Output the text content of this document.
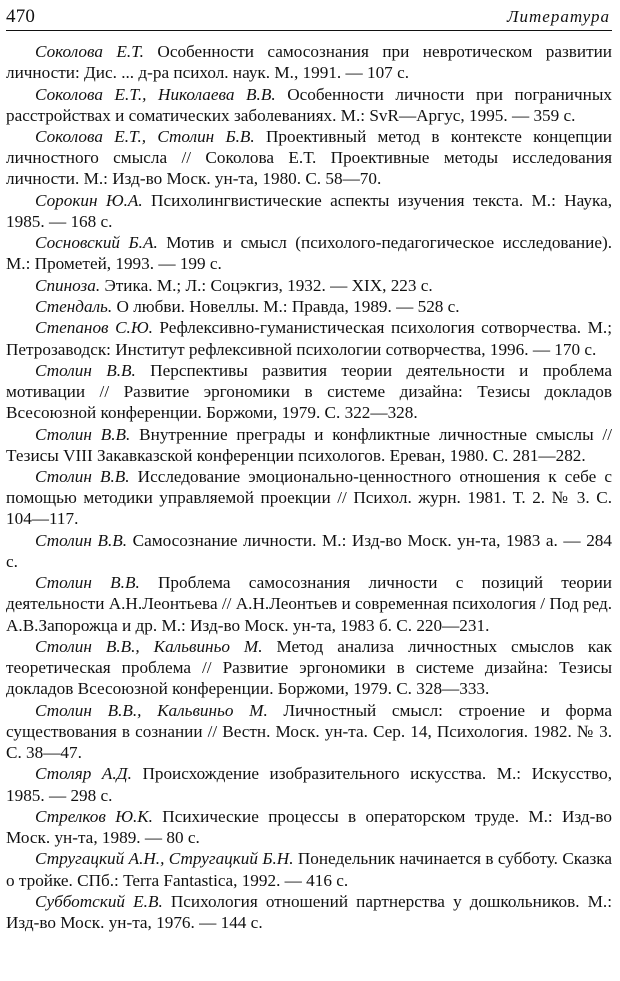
470	Литература

Соколова Е.Т. Особенности самосознания при невротическом развитии личности: Дис. ... д-ра психол. наук. М., 1991. — 107 с.

Соколова Е.Т., Николаева В.В. Особенности личности при пограничных расстройствах и соматических заболеваниях. М.: SvR—Аргус, 1995. — 359 с.

Соколова Е.Т., Столин Б.В. Проективный метод в контексте концепции личностного смысла // Соколова Е.Т. Проективные методы исследования личности. М.: Изд-во Моск. ун-та, 1980. С. 58—70.

Сорокин Ю.А. Психолингвистические аспекты изучения текста. М.: Наука, 1985. — 168 с.

Сосновский Б.А. Мотив и смысл (психолого-педагогическое исследование). М.: Прометей, 1993. — 199 с.

Спиноза. Этика. М.; Л.: Соцэкгиз, 1932. — XIX, 223 с.

Стендаль. О любви. Новеллы. М.: Правда, 1989. — 528 с.

Степанов С.Ю. Рефлексивно-гуманистическая психология сотворчества. М.; Петрозаводск: Институт рефлексивной психологии сотворчества, 1996. — 170 с.

Столин В.В. Перспективы развития теории деятельности и проблема мотивации // Развитие эргономики в системе дизайна: Тезисы докладов Всесоюзной конференции. Боржоми, 1979. С. 322—328.

Столин В.В. Внутренние преграды и конфликтные личностные смыслы // Тезисы VIII Закавказской конференции психологов. Ереван, 1980. С. 281—282.

Столин В.В. Исследование эмоционально-ценностного отношения к себе с помощью методики управляемой проекции // Психол. журн. 1981. Т. 2. № 3. С. 104—117.

Столин В.В. Самосознание личности. М.: Изд-во Моск. ун-та, 1983 а. — 284 с.

Столин В.В. Проблема самосознания личности с позиций теории деятельности А.Н.Леонтьева // А.Н.Леонтьев и современная психология / Под ред. А.В.Запорожца и др. М.: Изд-во Моск. ун-та, 1983 б. С. 220—231.

Столин В.В., Кальвиньо М. Метод анализа личностных смыслов как теоретическая проблема // Развитие эргономики в системе дизайна: Тезисы докладов Всесоюзной конференции. Боржоми, 1979. С. 328—333.

Столин В.В., Кальвиньо М. Личностный смысл: строение и форма существования в сознании // Вестн. Моск. ун-та. Сер. 14, Психология. 1982. № 3. С. 38—47.

Столяр А.Д. Происхождение изобразительного искусства. М.: Искусство, 1985. — 298 с.

Стрелков Ю.К. Психические процессы в операторском труде. М.: Изд-во Моск. ун-та, 1989. — 80 с.

Стругацкий А.Н., Стругацкий Б.Н. Понедельник начинается в субботу. Сказка о тройке. СПб.: Terra Fantastica, 1992. — 416 с.

Субботский Е.В. Психология отношений партнерства у дошкольников. М.: Изд-во Моск. ун-та, 1976. — 144 с.
